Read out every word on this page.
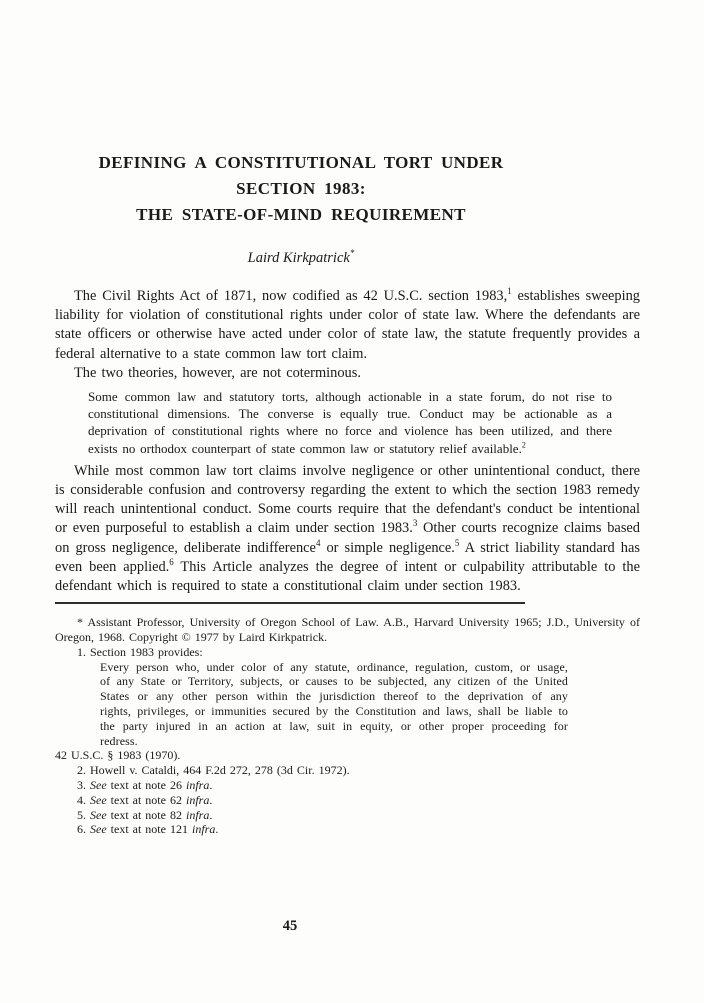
DEFINING A CONSTITUTIONAL TORT UNDER
SECTION 1983:
THE STATE-OF-MIND REQUIREMENT
Laird Kirkpatrick*

The Civil Rights Act of 1871, now codified as 42 U.S.C. section 1983,$^1$ establishes sweeping liability for violation of constitutional rights under color of state law. Where the defendants are state officers or otherwise have acted under color of state law, the statute frequently provides a federal alternative to a state common law tort claim.

The two theories, however, are not coterminous.

Some common law and statutory torts, although actionable in a state forum, do not rise to constitutional dimensions. The converse is equally true. Conduct may be actionable as a deprivation of constitutional rights where no force and violence has been utilized, and there exists no orthodox counterpart of state common law or statutory relief available.$^2$

While most common law tort claims involve negligence or other unintentional conduct, there is considerable confusion and controversy regarding the extent to which the section 1983 remedy will reach unintentional conduct. Some courts require that the defendant's conduct be intentional or even purposeful to establish a claim under section 1983.$^3$ Other courts recognize claims based on gross negligence, deliberate indifference$^4$ or simple negligence.$^5$ A strict liability standard has even been applied.$^6$ This Article analyzes the degree of intent or culpability attributable to the defendant which is required to state a constitutional claim under section 1983.

* Assistant Professor, University of Oregon School of Law. A.B., Harvard University 1965; J.D., University of Oregon, 1968. Copyright © 1977 by Laird Kirkpatrick.

1. Section 1983 provides:

Every person who, under color of any statute, ordinance, regulation, custom, or usage, of any State or Territory, subjects, or causes to be subjected, any citizen of the United States or any other person within the jurisdiction thereof to the deprivation of any rights, privileges, or immunities secured by the Constitution and laws, shall be liable to the party injured in an action at law, suit in equity, or other proper proceeding for redress.

42 U.S.C. § 1983 (1970).

2. Howell v. Cataldi, 464 F.2d 272, 278 (3d Cir. 1972).

3. See text at note 26 infra.

4. See text at note 62 infra.

5. See text at note 82 infra.

6. See text at note 121 infra.

45
